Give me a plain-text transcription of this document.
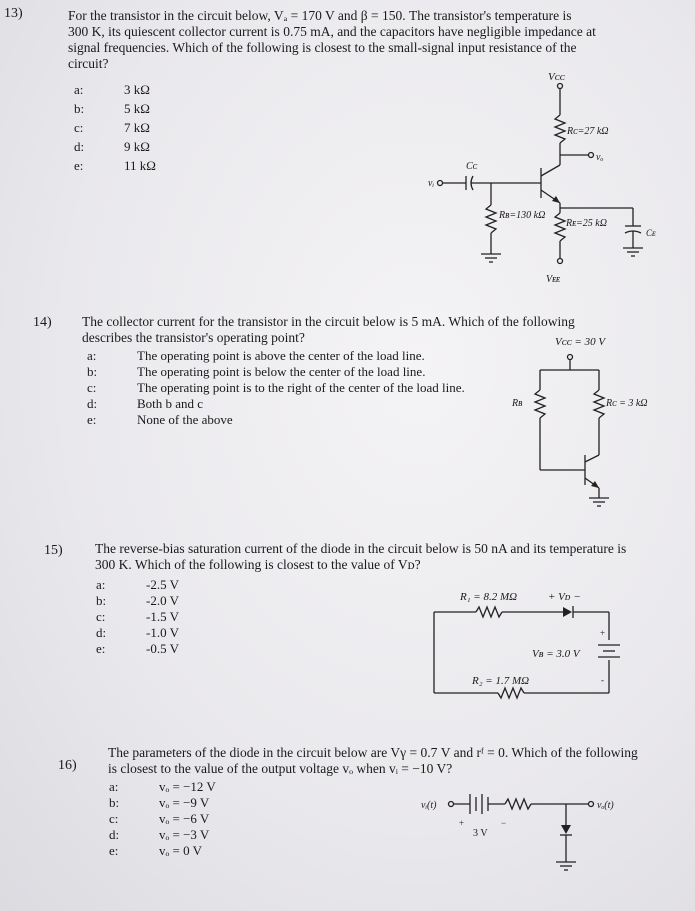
13)	For the transistor in the circuit below, Vₐ = 170 V and β = 150. The transistor's temperature is
300 K, its quiescent collector current is 0.75 mA, and the capacitors have negligible impedance at
signal frequencies. Which of the following is closest to the small-signal input resistance of the
circuit?
a:	3 kΩ
b:	5 kΩ
c:	7 kΩ
d:	9 kΩ
e:	11 kΩ
Vᴄᴄ
Rᴄ=27 kΩ
vₒ
vᵢ
Cᴄ
Rʙ=130 kΩ
Rᴇ=25 kΩ
Vᴇᴇ
Cᴇ
14) The collector current for the transistor in the circuit below is 5 mA. Which of the following
describes the transistor's operating point?
a:	The operating point is above the center of the load line.
b:	The operating point is below the center of the load line.
c:	The operating point is to the right of the center of the load line.
d:	Both b and c
e:	None of the above
Vᴄᴄ = 30 V
Rʙ	Rᴄ = 3 kΩ
15) The reverse-bias saturation current of the diode in the circuit below is 50 nA and its temperature is
300 K. Which of the following is closest to the value of Vᴅ?
a:	-2.5 V
b:	-2.0 V
c:	-1.5 V
d:	-1.0 V
e:	-0.5 V
R₁ = 8.2 MΩ	+ Vᴅ −
+
Vʙ = 3.0 V
-
R₂ = 1.7 MΩ
16)
The parameters of the diode in the circuit below are Vγ = 0.7 V and rᶠ = 0. Which of the following
is closest to the value of the output voltage vₒ when vᵢ = −10 V?
a:	vₒ = −12 V
b:	vₒ = −9 V
c:	vₒ = −6 V
d:	vₒ = −3 V
e:	vₒ = 0 V
vᵢ(t)
+	−
3 V
vₒ(t)
